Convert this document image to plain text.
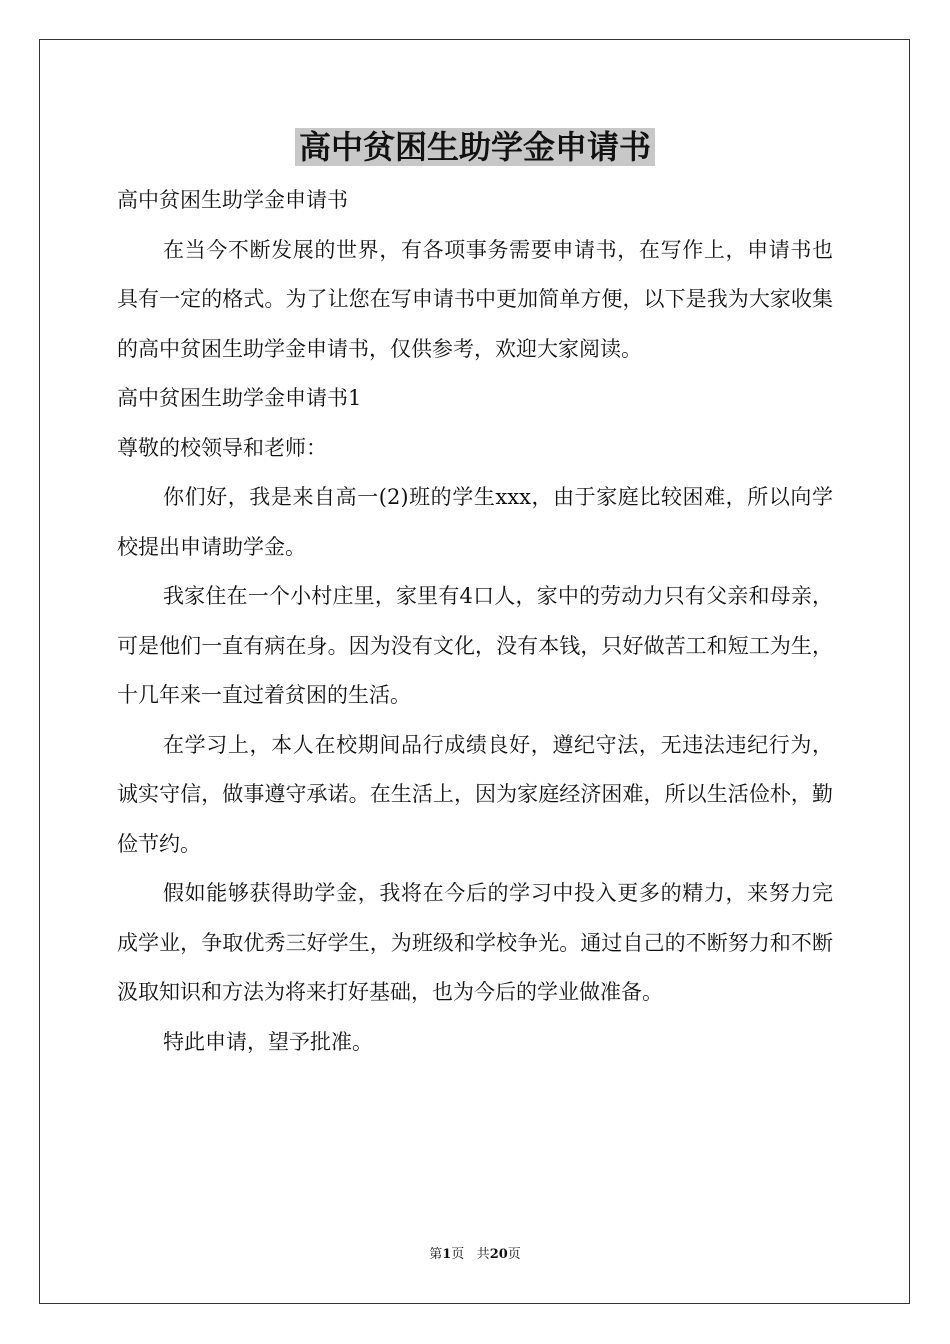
高中贫困生助学金申请书

高中贫困生助学金申请书

在当今不断发展的世界，有各项事务需要申请书，在写作上，申请书也具有一定的格式。为了让您在写申请书中更加简单方便，以下是我为大家收集的高中贫困生助学金申请书，仅供参考，欢迎大家阅读。

高中贫困生助学金申请书1

尊敬的校领导和老师：

你们好，我是来自高一(2)班的学生xxx，由于家庭比较困难，所以向学校提出申请助学金。

我家住在一个小村庄里，家里有4口人，家中的劳动力只有父亲和母亲，可是他们一直有病在身。因为没有文化，没有本钱，只好做苦工和短工为生，十几年来一直过着贫困的生活。

在学习上，本人在校期间品行成绩良好，遵纪守法，无违法违纪行为，诚实守信，做事遵守承诺。在生活上，因为家庭经济困难，所以生活俭朴，勤俭节约。

假如能够获得助学金，我将在今后的学习中投入更多的精力，来努力完成学业，争取优秀三好学生，为班级和学校争光。通过自己的不断努力和不断汲取知识和方法为将来打好基础，也为今后的学业做准备。

特此申请，望予批准。

第1页 共20页
